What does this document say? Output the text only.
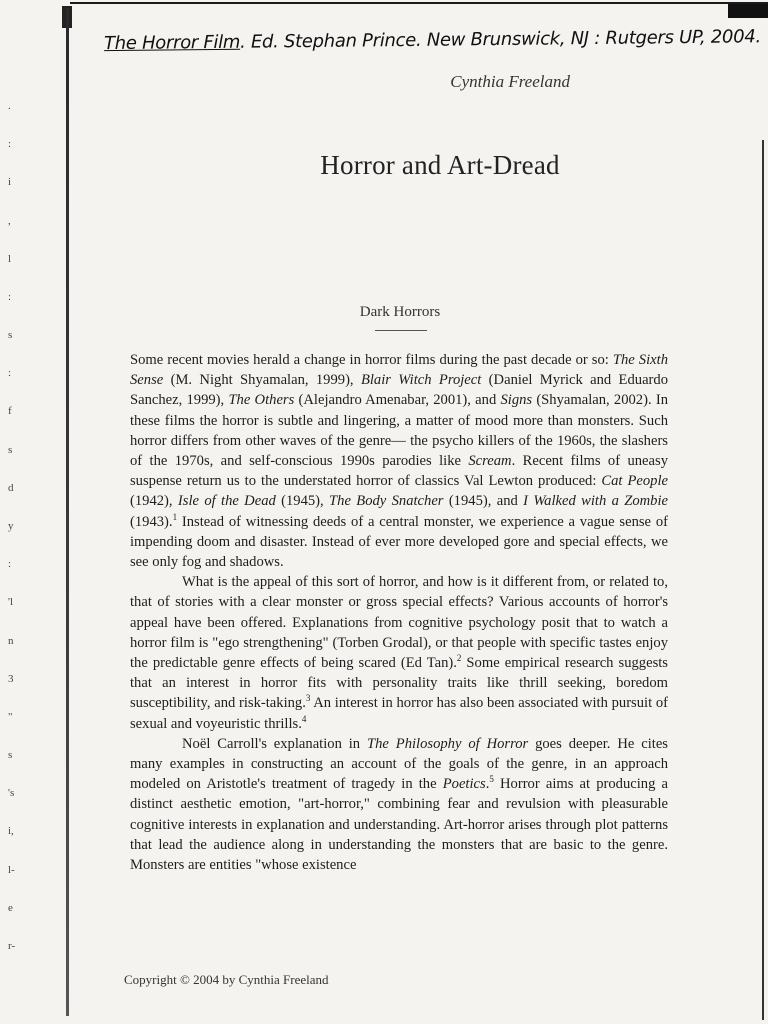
.
:
i
,
l
:
s
:
f
s
d
y
:
'l
n
3
"
s
's
i,
l-
e
r-
The Horror Film. Ed. Stephan Prince. New Brunswick, NJ : Rutgers UP, 2004.
Cynthia Freeland
Horror and Art-Dread
Dark Horrors

Some recent movies herald a change in horror films during the past decade or so: The Sixth Sense (M. Night Shyamalan, 1999), Blair Witch Project (Daniel Myrick and Eduardo Sanchez, 1999), The Others (Alejandro Amenabar, 2001), and Signs (Shyamalan, 2002). In these films the horror is subtle and lingering, a matter of mood more than monsters. Such horror differs from other waves of the genre— the psycho killers of the 1960s, the slashers of the 1970s, and self-conscious 1990s parodies like Scream. Recent films of uneasy suspense return us to the understated horror of classics Val Lewton produced: Cat People (1942), Isle of the Dead (1945), The Body Snatcher (1945), and I Walked with a Zombie (1943).$^1$ Instead of witnessing deeds of a central monster, we experience a vague sense of impending doom and disaster. Instead of ever more developed gore and special effects, we see only fog and shadows.

What is the appeal of this sort of horror, and how is it different from, or related to, that of stories with a clear monster or gross special effects? Various accounts of horror's appeal have been offered. Explanations from cognitive psychology posit that to watch a horror film is "ego strengthening" (Torben Grodal), or that people with specific tastes enjoy the predictable genre effects of being scared (Ed Tan).$^2$ Some empirical research suggests that an interest in horror fits with personality traits like thrill seeking, boredom susceptibility, and risk-taking.$^3$ An interest in horror has also been associated with pursuit of sexual and voyeuristic thrills.$^4$

Noël Carroll's explanation in The Philosophy of Horror goes deeper. He cites many examples in constructing an account of the goals of the genre, in an approach modeled on Aristotle's treatment of tragedy in the Poetics.$^5$ Horror aims at producing a distinct aesthetic emotion, "art-horror," combining fear and revulsion with pleasurable cognitive interests in explanation and understanding. Art-horror arises through plot patterns that lead the audience along in understanding the monsters that are basic to the genre. Monsters are entities "whose existence

Copyright © 2004 by Cynthia Freeland
